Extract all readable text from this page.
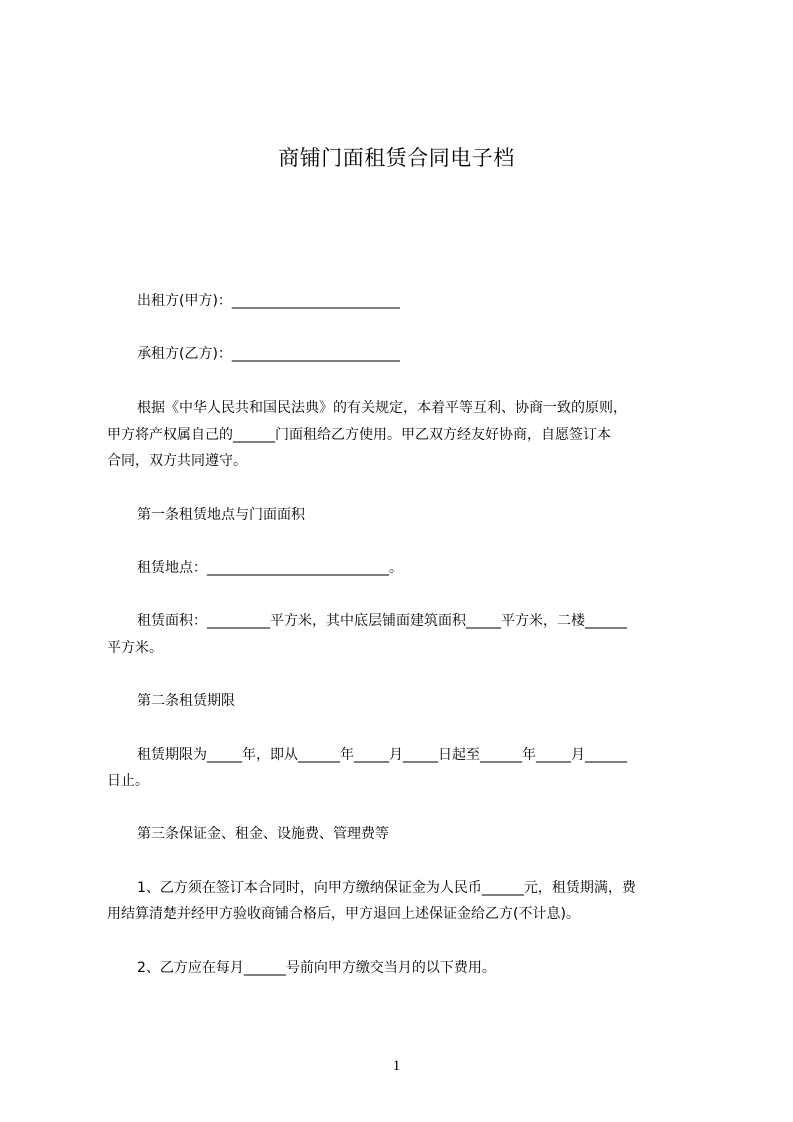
商铺门面租赁合同电子档
出租方(甲方)：________________________
承租方(乙方)：________________________
根据《中华人民共和国民法典》的有关规定，本着平等互利、协商一致的原则，
甲方将产权属自己的______门面租给乙方使用。甲乙双方经友好协商，自愿签订本
合同，双方共同遵守。
第一条租赁地点与门面面积
租赁地点：__________________________。
租赁面积：_________平方米，其中底层铺面建筑面积_____平方米，二楼______
平方米。
第二条租赁期限
租赁期限为_____年，即从______年_____月_____日起至______年_____月______
日止。
第三条保证金、租金、设施费、管理费等
1、乙方须在签订本合同时，向甲方缴纳保证金为人民币______元，租赁期满，费
用结算清楚并经甲方验收商铺合格后，甲方退回上述保证金给乙方(不计息)。
2、乙方应在每月______号前向甲方缴交当月的以下费用。
1
